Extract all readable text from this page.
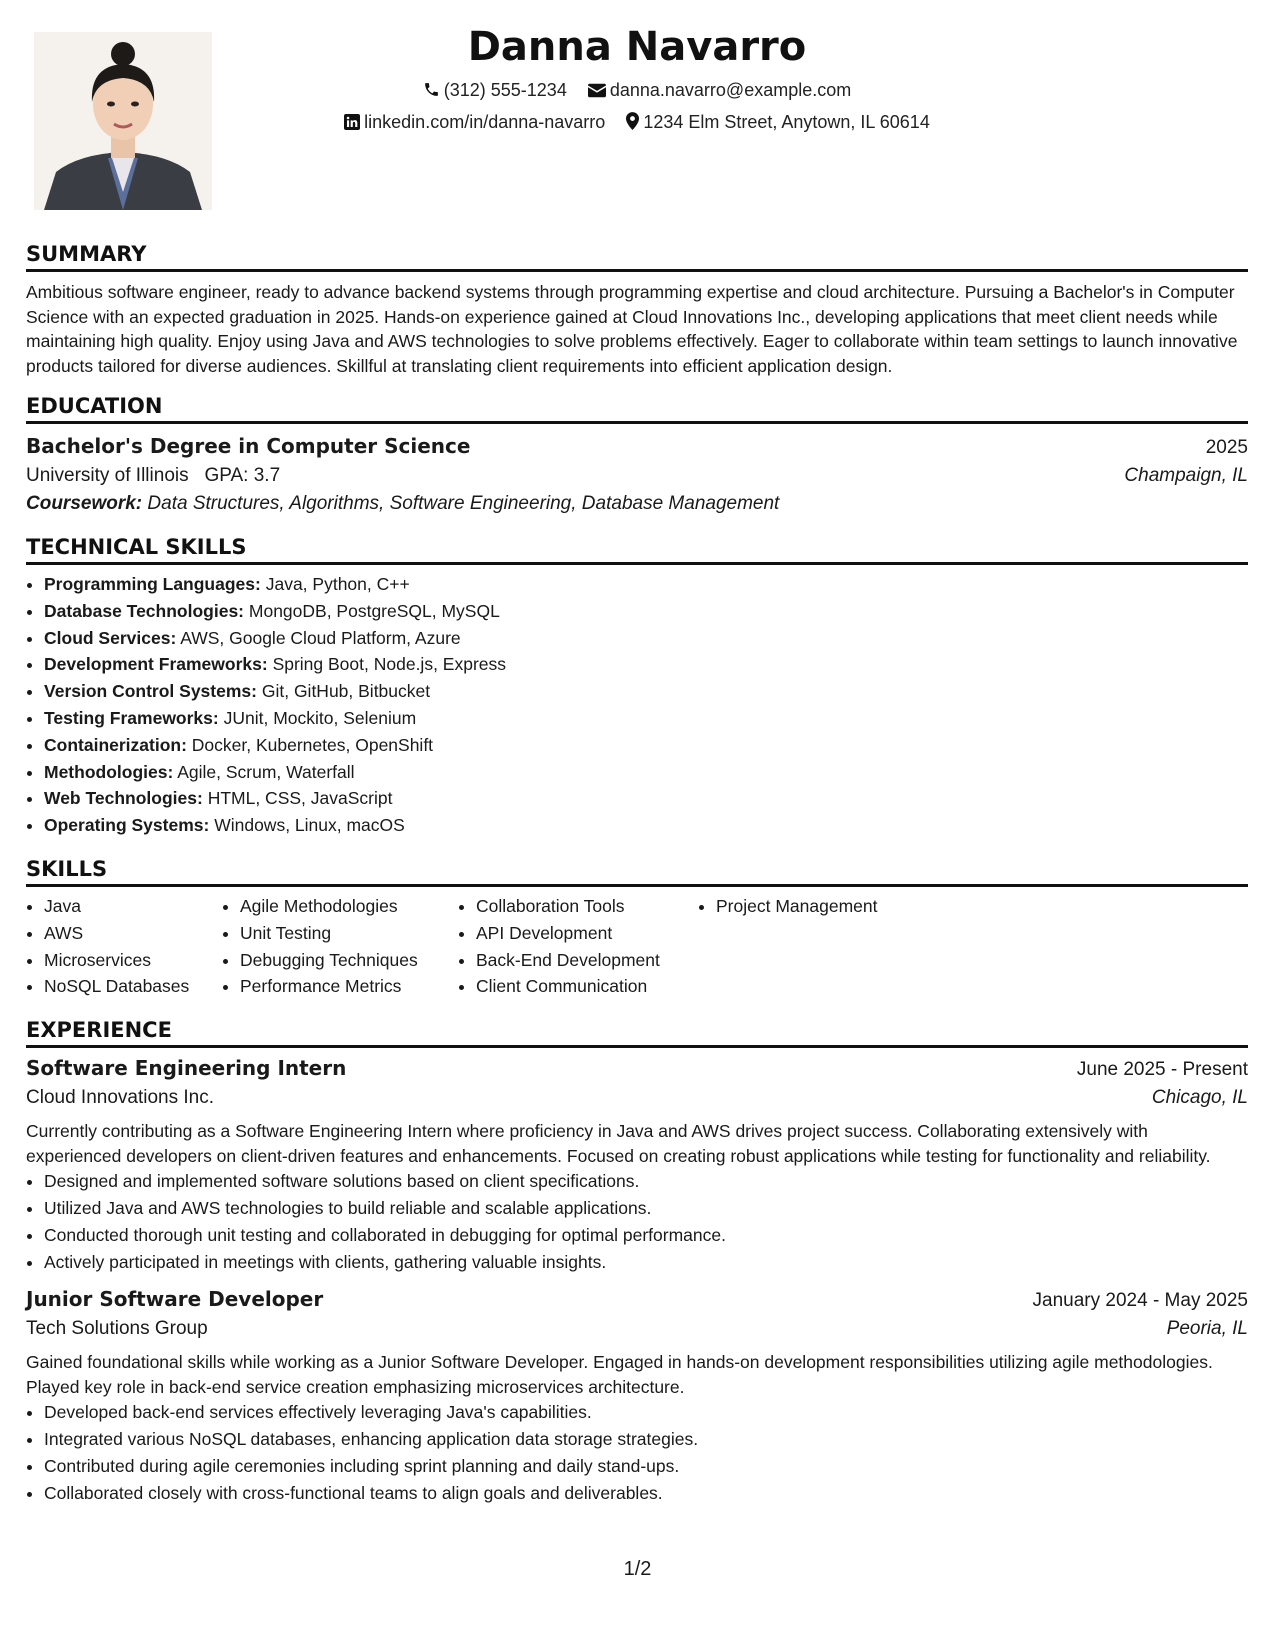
Danna Navarro
(312) 555-1234 danna.navarro@example.com
linkedin.com/in/danna-navarro 1234 Elm Street, Anytown, IL 60614
SUMMARY

Ambitious software engineer, ready to advance backend systems through programming expertise and cloud architecture. Pursuing a Bachelor's in Computer Science with an expected graduation in 2025. Hands-on experience gained at Cloud Innovations Inc., developing applications that meet client needs while maintaining high quality. Enjoy using Java and AWS technologies to solve problems effectively. Eager to collaborate within team settings to launch innovative products tailored for diverse audiences. Skillful at translating client requirements into efficient application design.

EDUCATION
Bachelor's Degree in Computer Science	2025
University of Illinois GPA: 3.7	Champaign, IL
Coursework: Data Structures, Algorithms, Software Engineering, Database Management
TECHNICAL SKILLS
• Programming Languages: Java, Python, C++
• Database Technologies: MongoDB, PostgreSQL, MySQL
• Cloud Services: AWS, Google Cloud Platform, Azure
• Development Frameworks: Spring Boot, Node.js, Express
• Version Control Systems: Git, GitHub, Bitbucket
• Testing Frameworks: JUnit, Mockito, Selenium
• Containerization: Docker, Kubernetes, OpenShift
• Methodologies: Agile, Scrum, Waterfall
• Web Technologies: HTML, CSS, JavaScript
• Operating Systems: Windows, Linux, macOS
SKILLS
• Java
• AWS
• Microservices
• NoSQL Databases
• Agile Methodologies
• Unit Testing
• Debugging Techniques
• Performance Metrics
• Collaboration Tools
• API Development
• Back-End Development
• Client Communication
• Project Management
EXPERIENCE
Software Engineering Intern	June 2025 - Present
Cloud Innovations Inc.	Chicago, IL
Currently contributing as a Software Engineering Intern where proficiency in Java and AWS drives project success. Collaborating extensively with experienced developers on client-driven features and enhancements. Focused on creating robust applications while testing for functionality and reliability.
• Designed and implemented software solutions based on client specifications.
• Utilized Java and AWS technologies to build reliable and scalable applications.
• Conducted thorough unit testing and collaborated in debugging for optimal performance.
• Actively participated in meetings with clients, gathering valuable insights.
Junior Software Developer	January 2024 - May 2025
Tech Solutions Group	Peoria, IL
Gained foundational skills while working as a Junior Software Developer. Engaged in hands-on development responsibilities utilizing agile methodologies. Played key role in back-end service creation emphasizing microservices architecture.
• Developed back-end services effectively leveraging Java's capabilities.
• Integrated various NoSQL databases, enhancing application data storage strategies.
• Contributed during agile ceremonies including sprint planning and daily stand-ups.
• Collaborated closely with cross-functional teams to align goals and deliverables.
1/2
